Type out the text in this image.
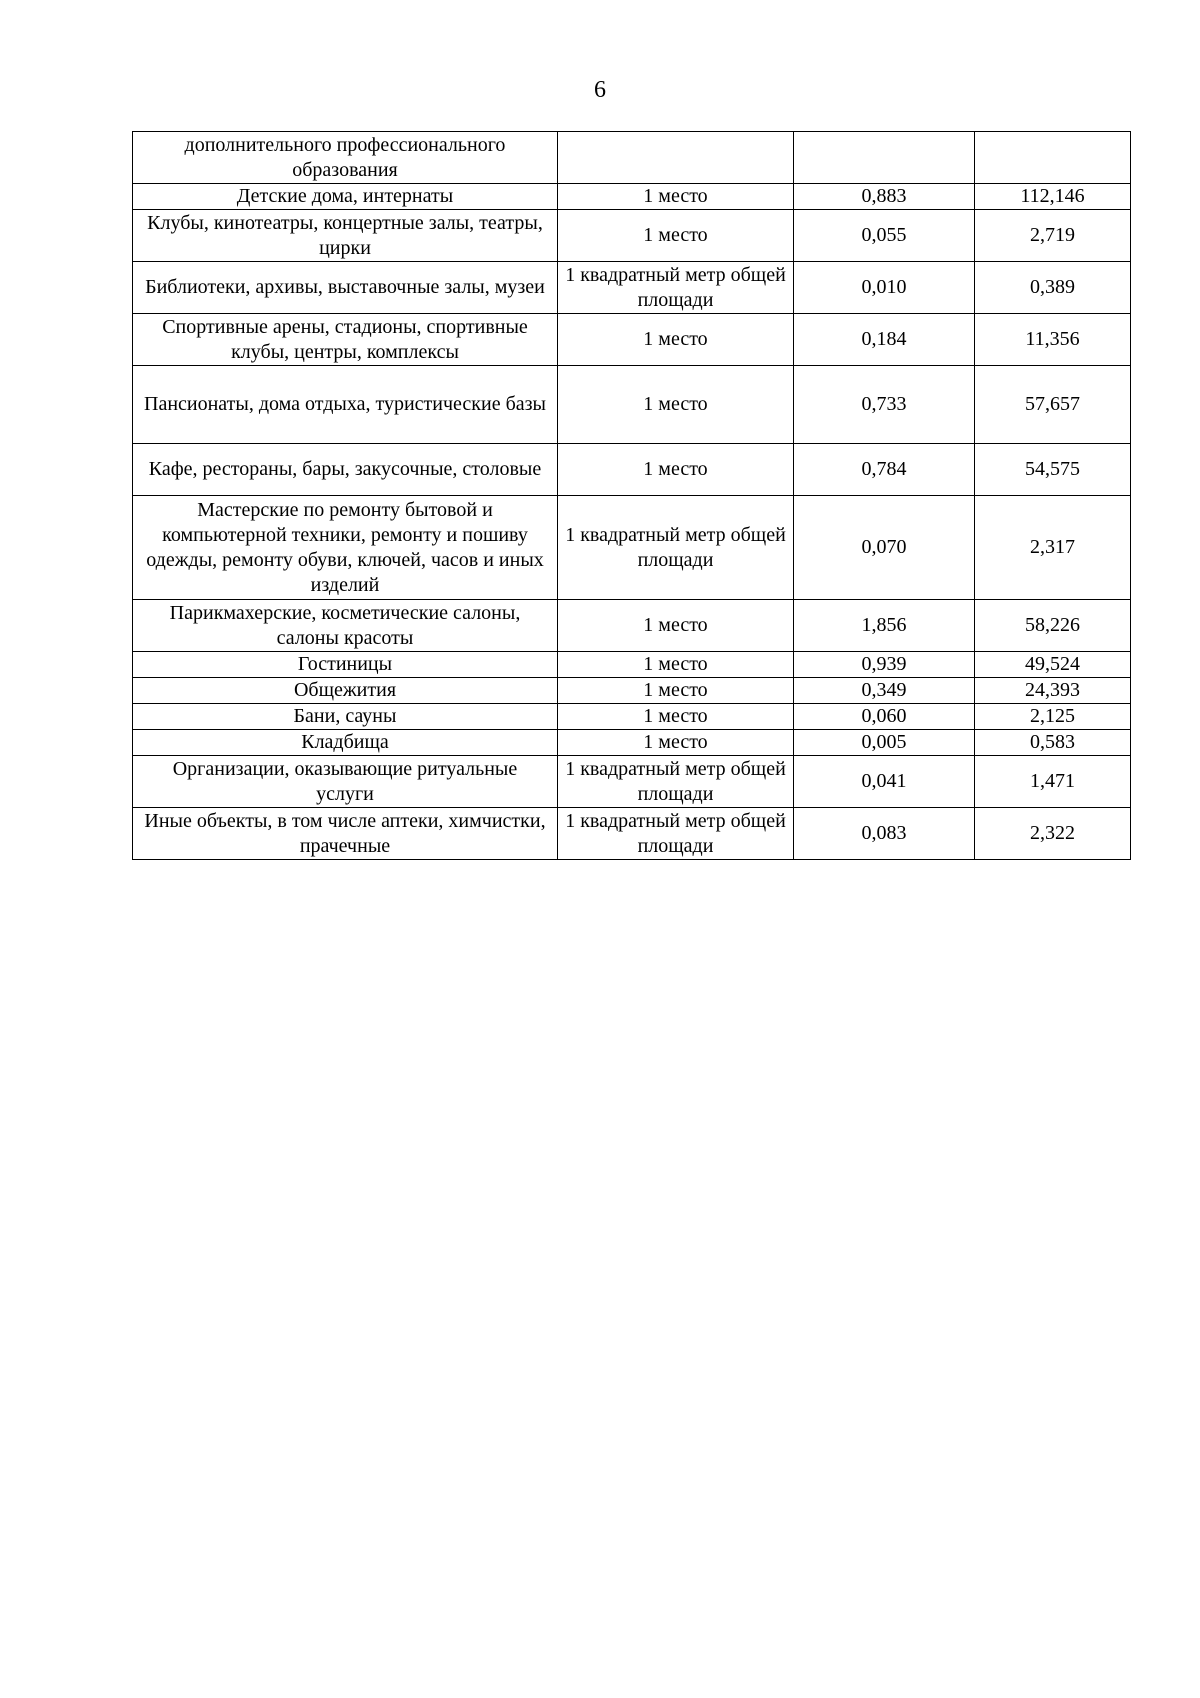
6
дополнительного профессионального образования			
Детские дома, интернаты	1 место	0,883	112,146
Клубы, кинотеатры, концертные залы, театры, цирки	1 место	0,055	2,719
Библиотеки, архивы, выставочные залы, музеи	1 квадратный метр общей площади	0,010	0,389
Спортивные арены, стадионы, спортивные клубы, центры, комплексы	1 место	0,184	11,356
Пансионаты, дома отдыха, туристические базы	1 место	0,733	57,657
Кафе, рестораны, бары, закусочные, столовые	1 место	0,784	54,575
Мастерские по ремонту бытовой и компьютерной техники, ремонту и пошиву одежды, ремонту обуви, ключей, часов и иных изделий	1 квадратный метр общей площади	0,070	2,317
Парикмахерские, косметические салоны, салоны красоты	1 место	1,856	58,226
Гостиницы	1 место	0,939	49,524
Общежития	1 место	0,349	24,393
Бани, сауны	1 место	0,060	2,125
Кладбища	1 место	0,005	0,583
Организации, оказывающие ритуальные услуги	1 квадратный метр общей площади	0,041	1,471
Иные объекты, в том числе аптеки, химчистки, прачечные	1 квадратный метр общей площади	0,083	2,322
